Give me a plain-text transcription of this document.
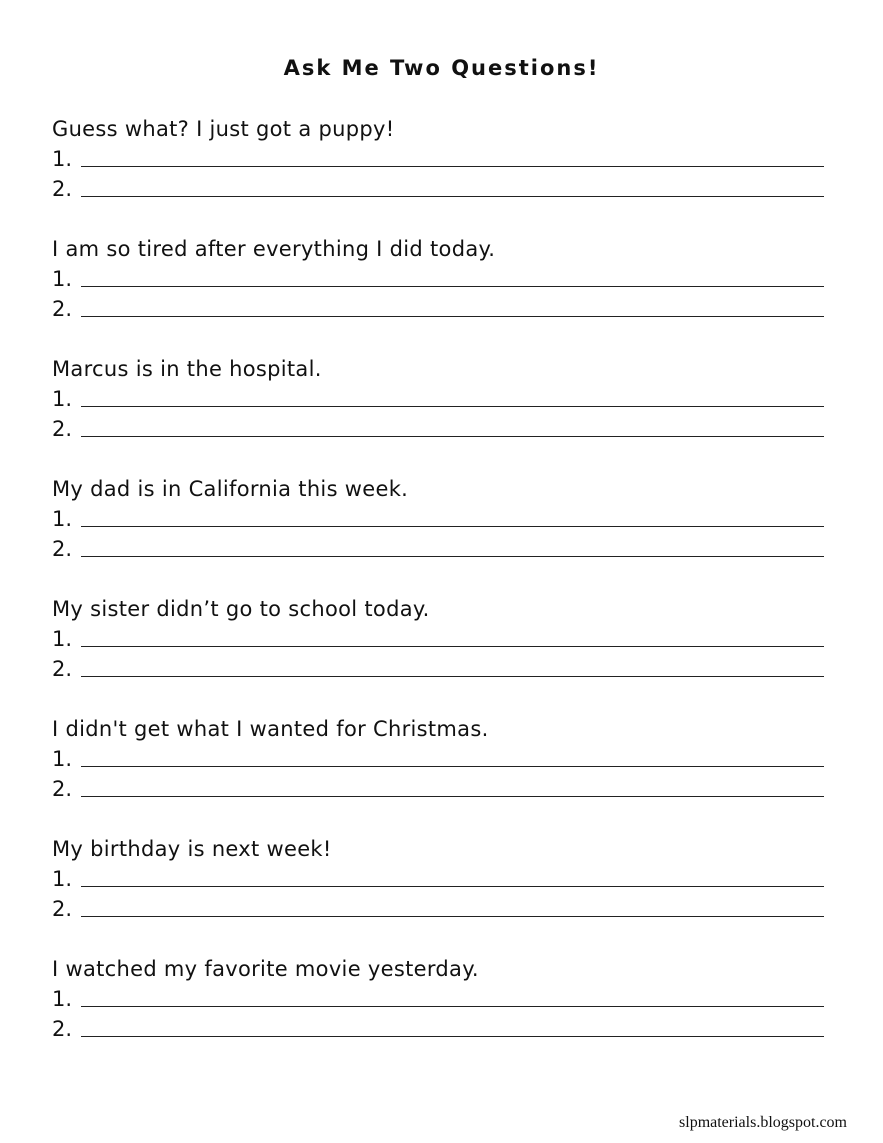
Ask Me Two Questions!
Guess what? I just got a puppy!
1.
2.
I am so tired after everything I did today.
1.
2.
Marcus is in the hospital.
1.
2.
My dad is in California this week.
1.
2.
My sister didn’t go to school today.
1.
2.
I didn't get what I wanted for Christmas.
1.
2.
My birthday is next week!
1.
2.
I watched my favorite movie yesterday.
1.
2.
slpmaterials.blogspot.com
